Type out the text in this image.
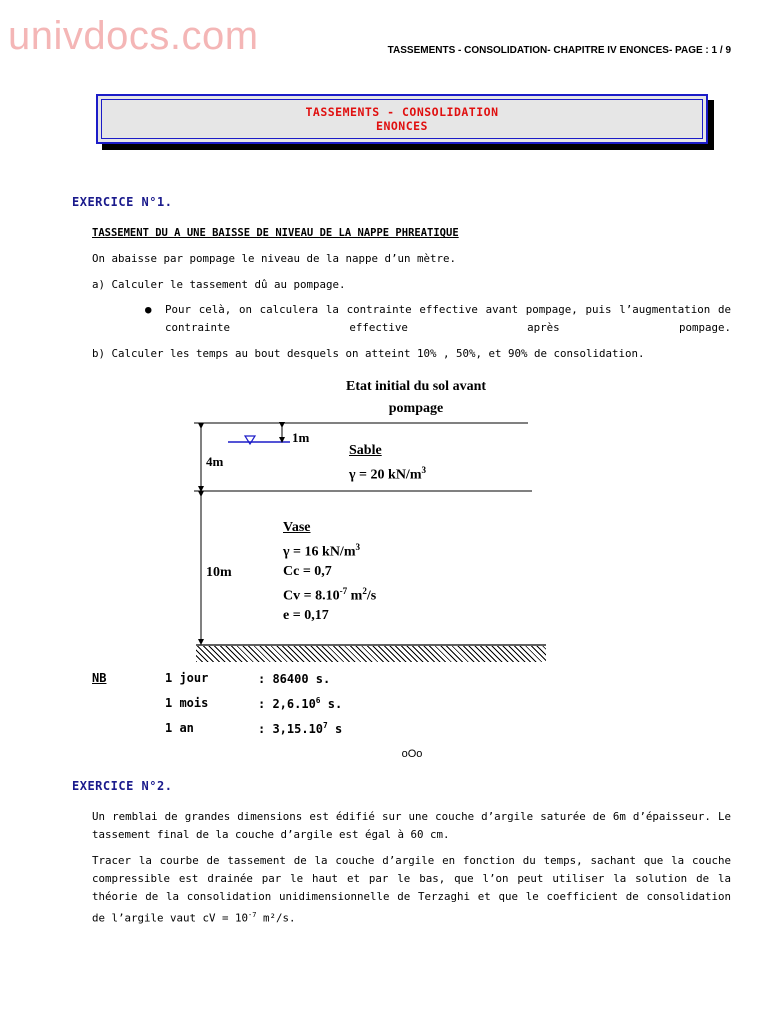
univdocs.com	TASSEMENTS - CONSOLIDATION- CHAPITRE IV ENONCES- PAGE : 1 / 9
TASSEMENTS - CONSOLIDATION
ENONCES
EXERCICE N°1.
TASSEMENT DU A UNE BAISSE DE NIVEAU DE LA NAPPE PHREATIQUE
On abaisse par pompage le niveau de la nappe d’un mètre.
a) Calculer le tassement dû au pompage.
● Pour celà, on calculera la contrainte effective avant pompage, puis l’augmentation de contrainte effective après pompage.
b) Calculer les temps au bout desquels on atteint 10% , 50%, et 90% de consolidation.
Etat initial du sol avant
pompage
1m
4m
Sable
γ = 20 $kN/m^3$
10m
Vase
γ = 16 $kN/m^3$
Cc = 0,7
$Cv = 8.10^{-7}$ $m^2/s$
e = 0,17
NB	1 jour	: 86400 s.
1 mois	: 2,6.10$^6$ s.
1 an	: 3,15.10$^7$ s
oOo
EXERCICE N°2.
Un remblai de grandes dimensions est édifié sur une couche d’argile saturée de 6m d’épaisseur. Le tassement final de la couche d’argile est égal à 60 cm.
Tracer la courbe de tassement de la couche d’argile en fonction du temps, sachant que la couche compressible est drainée par le haut et par le bas, que l’on peut utiliser la solution de la théorie de la consolidation unidimensionnelle de Terzaghi et que le coefficient de consolidation de l’argile vaut cV = $10^{-7}$ m²/s.
